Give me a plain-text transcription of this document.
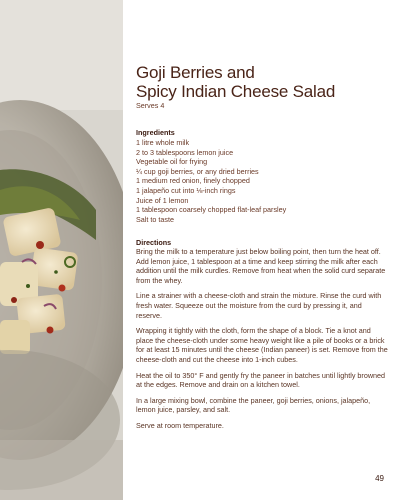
Goji Berries and
Spicy Indian Cheese Salad
Serves 4
Ingredients
1 litre whole milk
2 to 3 tablespoons lemon juice
Vegetable oil for frying
¼ cup goji berries, or any dried berries
1 medium red onion, finely chopped
1 jalapeño cut into ⅛-inch rings
Juice of 1 lemon
1 tablespoon coarsely chopped flat-leaf parsley
Salt to taste
Directions

Bring the milk to a temperature just below boiling point, then turn the heat off. Add lemon juice, 1 tablespoon at a time and keep stirring the milk after each addition until the milk curdles. Remove from heat when the solid curd separate from the whey.

Line a strainer with a cheese-cloth and strain the mixture. Rinse the curd with fresh water. Squeeze out the moisture from the curd by pressing it, and reserve.

Wrapping it tightly with the cloth, form the shape of a block. Tie a knot and place the cheese-cloth under some heavy weight like a pile of books or a brick for at least 15 minutes until the cheese (Indian paneer) is set. Remove from the cheese-cloth and cut the cheese into 1-inch cubes.

Heat the oil to 350° F and gently fry the paneer in batches until lightly browned at the edges. Remove and drain on a kitchen towel.

In a large mixing bowl, combine the paneer, goji berries, onions, jalapeño, lemon juice, parsley, and salt.

Serve at room temperature.

49
